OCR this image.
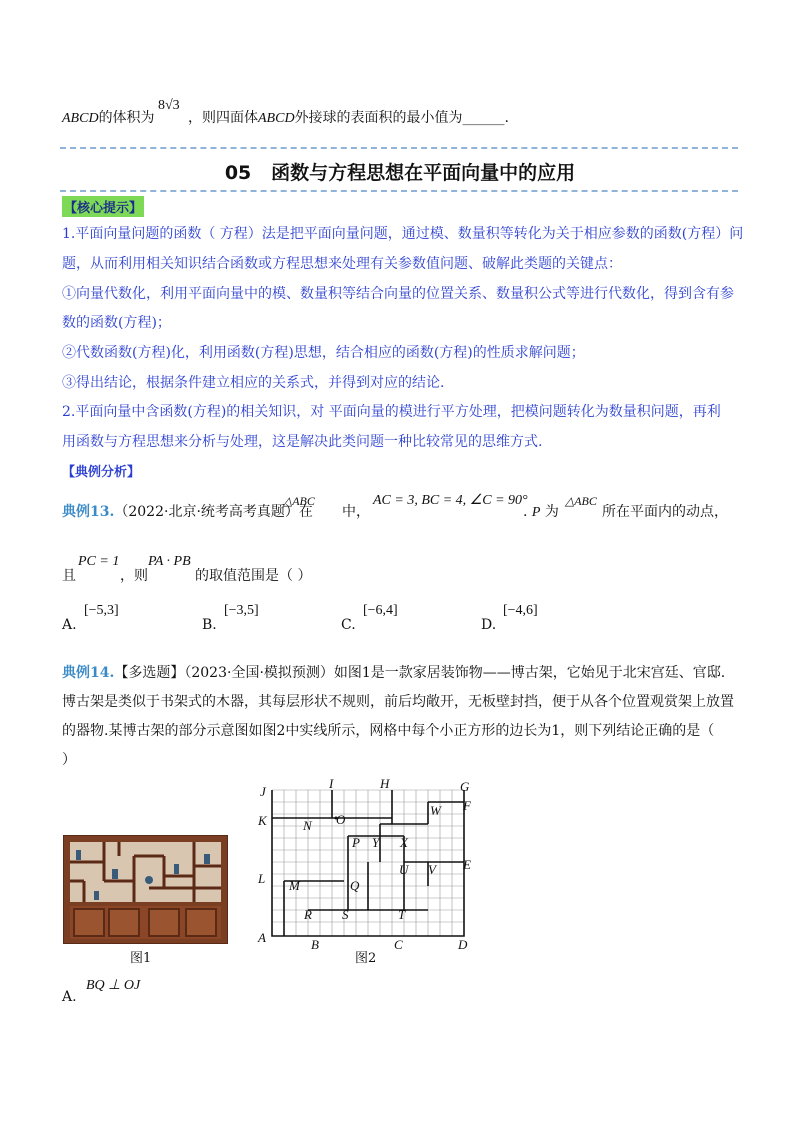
ABCD的体积为
8√3
，则四面体ABCD外接球的表面积的最小值为______.
05 函数与方程思想在平面向量中的应用
【核心提示】
1.平面向量问题的函数（ 方程）法是把平面向量问题，通过模、数量积等转化为关于相应参数的函数(方程）问
题，从而利用相关知识结合函数或方程思想来处理有关参数值问题、破解此类题的关键点：
①向量代数化，利用平面向量中的模、数量积等结合向量的位置关系、数量积公式等进行代数化，得到含有参
数的函数(方程)；
②代数函数(方程)化，利用函数(方程)思想，结合相应的函数(方程)的性质求解问题；
③得出结论，根据条件建立相应的关系式，并得到对应的结论.
2.平面向量中含函数(方程)的相关知识，对 平面向量的模进行平方处理，把模问题转化为数量积问题，再利
用函数与方程思想来分析与处理，这是解决此类问题一种比较常见的思维方式.
【典例分析】
典例13.（2022·北京·统考高考真题）在
△ABC
中，
AC = 3, BC = 4, ∠C = 90°
. P 为
△ABC
所在平面内的动点，
且
PC = 1
，则
PA · PB
的取值范围是（ ）
A.
[−5,3]
B.
[−3,5]
C.
[−6,4]
D.
[−4,6]
典例14.【多选题】（2023·全国·模拟预测）如图1是一款家居装饰物——博古架，它始见于北宋宫廷、官邸.
博古架是类似于书架式的木器，其每层形状不规则，前后均敞开，无板壁封挡，便于从各个位置观赏架上放置
的器物.某博古架的部分示意图如图2中实线所示，网格中每个小正方形的边长为1，则下列结论正确的是（
）
图1
J
I	H	G
F
K	N O
W
P Y X
E
U V
L M	Q
R S	T
A	B	C	D
图2
A.
BQ ⊥ OJ
